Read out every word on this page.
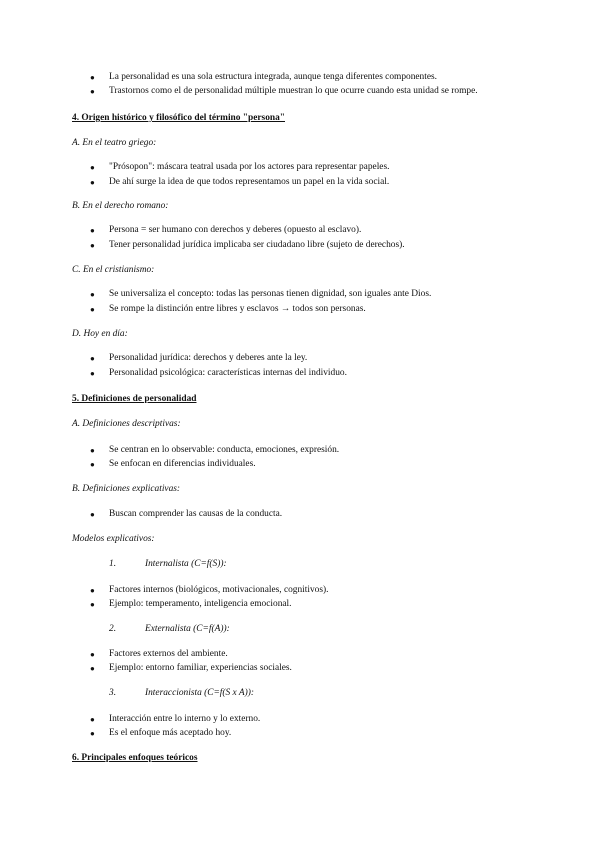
● La personalidad es una sola estructura integrada, aunque tenga diferentes componentes.
● Trastornos como el de personalidad múltiple muestran lo que ocurre cuando esta unidad se rompe.
4. Origen histórico y filosófico del término "persona"
A. En el teatro griego:
● "Prósopon": máscara teatral usada por los actores para representar papeles.
● De ahí surge la idea de que todos representamos un papel en la vida social.
B. En el derecho romano:
● Persona = ser humano con derechos y deberes (opuesto al esclavo).
● Tener personalidad jurídica implicaba ser ciudadano libre (sujeto de derechos).
C. En el cristianismo:
● Se universaliza el concepto: todas las personas tienen dignidad, son iguales ante Dios.
● Se rompe la distinción entre libres y esclavos → todos son personas.
D. Hoy en día:
● Personalidad jurídica: derechos y deberes ante la ley.
● Personalidad psicológica: características internas del individuo.
5. Definiciones de personalidad
A. Definiciones descriptivas:
● Se centran en lo observable: conducta, emociones, expresión.
● Se enfocan en diferencias individuales.
B. Definiciones explicativas:
● Buscan comprender las causas de la conducta.
Modelos explicativos:
1.	Internalista (C=f(S)):
● Factores internos (biológicos, motivacionales, cognitivos).
● Ejemplo: temperamento, inteligencia emocional.
2.	Externalista (C=f(A)):
● Factores externos del ambiente.
● Ejemplo: entorno familiar, experiencias sociales.
3.	Interaccionista (C=f(S x A)):
● Interacción entre lo interno y lo externo.
● Es el enfoque más aceptado hoy.
6. Principales enfoques teóricos
